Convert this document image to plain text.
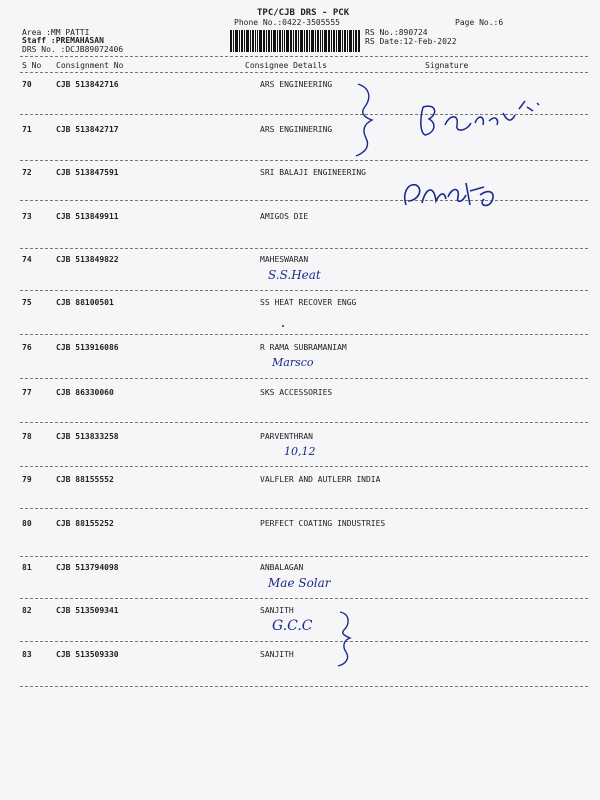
TPC/CJB DRS - PCK
Phone No.:0422-3505555	Page No.:6
Area :MM PATTI
Staff :PREMAHASAN
DRS No. :DCJB89072406
RS No.:890724
RS Date:12-Feb-2022
S No Consignment No	Consignee Details	Signature
70	CJB 513842716	ARS ENGINEERING
71	CJB 513842717	ARS ENGINNERING
72	CJB 513847591	SRI BALAJI ENGINEERING
73	CJB 513849911	AMIGOS DIE
74	CJB 513849822	MAHESWARAN
S.S.Heat
75	CJB 88100501	SS HEAT RECOVER ENGG
76	CJB 513916086	R RAMA SUBRAMANIAM
Marsco
77	CJB 86330060	SKS ACCESSORIES
78	CJB 513833258	PARVENTHRAN
10,12
79	CJB 88155552	VALFLER AND AUTLERR INDIA
80	CJB 88155252	PERFECT COATING INDUSTRIES
81	CJB 513794098	ANBALAGAN
Mae Solar
82	CJB 513509341	SANJITH
G.C.C
83	CJB 513509330	SANJITH
